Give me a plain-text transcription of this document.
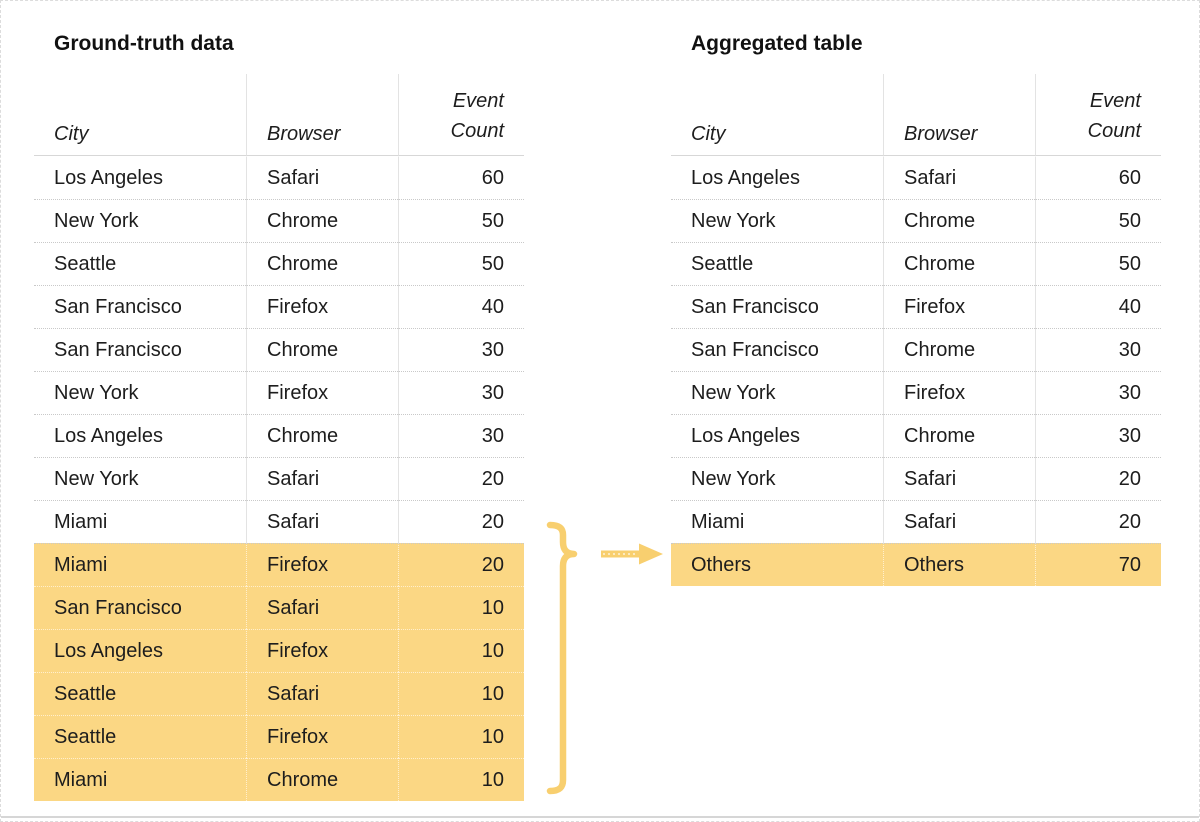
Ground-truth data
City	Browser	Event Count

Los Angeles	Safari	60
New York	Chrome	50
Seattle	Chrome	50
San Francisco	Firefox	40
San Francisco	Chrome	30
New York	Firefox	30
Los Angeles	Chrome	30
New York	Safari	20
Miami	Safari	20
Miami	Firefox	20
San Francisco	Safari	10
Los Angeles	Firefox	10
Seattle	Safari	10
Seattle	Firefox	10
Miami	Chrome	10
Aggregated table
City	Browser	Event Count

Los Angeles	Safari	60
New York	Chrome	50
Seattle	Chrome	50
San Francisco	Firefox	40
San Francisco	Chrome	30
New York	Firefox	30
Los Angeles	Chrome	30
New York	Safari	20
Miami	Safari	20
Others	Others	70
